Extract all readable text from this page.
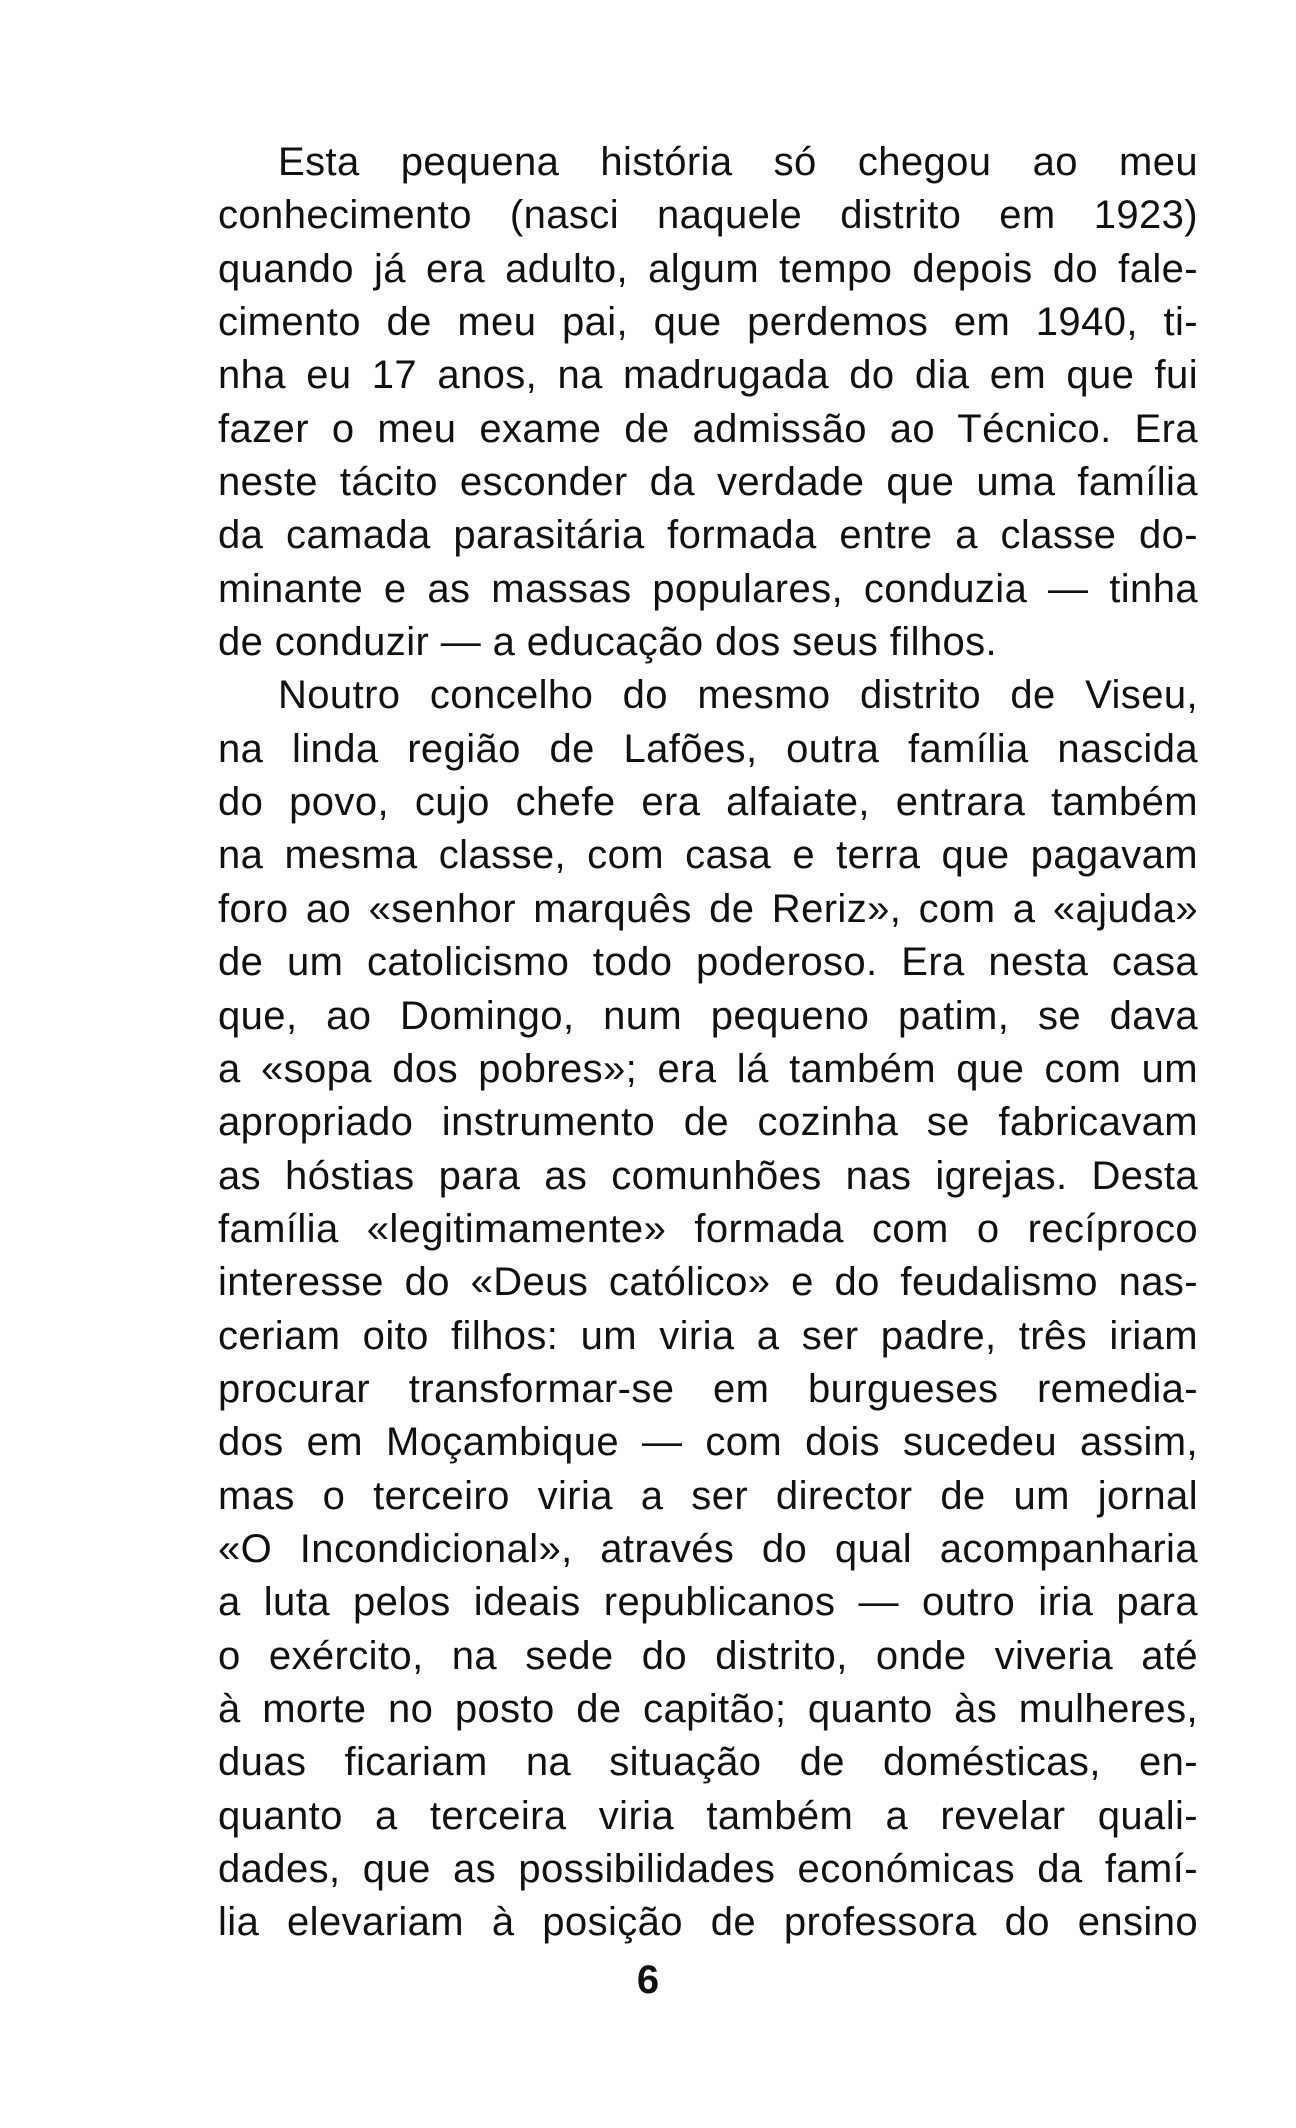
Esta pequena história só chegou ao meu
conhecimento (nasci naquele distrito em 1923)
quando já era adulto, algum tempo depois do fale-
cimento de meu pai, que perdemos em 1940, ti-
nha eu 17 anos, na madrugada do dia em que fui
fazer o meu exame de admissão ao Técnico. Era
neste tácito esconder da verdade que uma família
da camada parasitária formada entre a classe do-
minante e as massas populares, conduzia — tinha
de conduzir — a educação dos seus filhos.
Noutro concelho do mesmo distrito de Viseu,
na linda região de Lafões, outra família nascida
do povo, cujo chefe era alfaiate, entrara também
na mesma classe, com casa e terra que pagavam
foro ao «senhor marquês de Reriz», com a «ajuda»
de um catolicismo todo poderoso. Era nesta casa
que, ao Domingo, num pequeno patim, se dava
a «sopa dos pobres»; era lá também que com um
apropriado instrumento de cozinha se fabricavam
as hóstias para as comunhões nas igrejas. Desta
família «legitimamente» formada com o recíproco
interesse do «Deus católico» e do feudalismo nas-
ceriam oito filhos: um viria a ser padre, três iriam
procurar transformar-se em burgueses remedia-
dos em Moçambique — com dois sucedeu assim,
mas o terceiro viria a ser director de um jornal
«O Incondicional», através do qual acompanharia
a luta pelos ideais republicanos — outro iria para
o exército, na sede do distrito, onde viveria até
à morte no posto de capitão; quanto às mulheres,
duas ficariam na situação de domésticas, en-
quanto a terceira viria também a revelar quali-
dades, que as possibilidades económicas da famí-
lia elevariam à posição de professora do ensino
6
